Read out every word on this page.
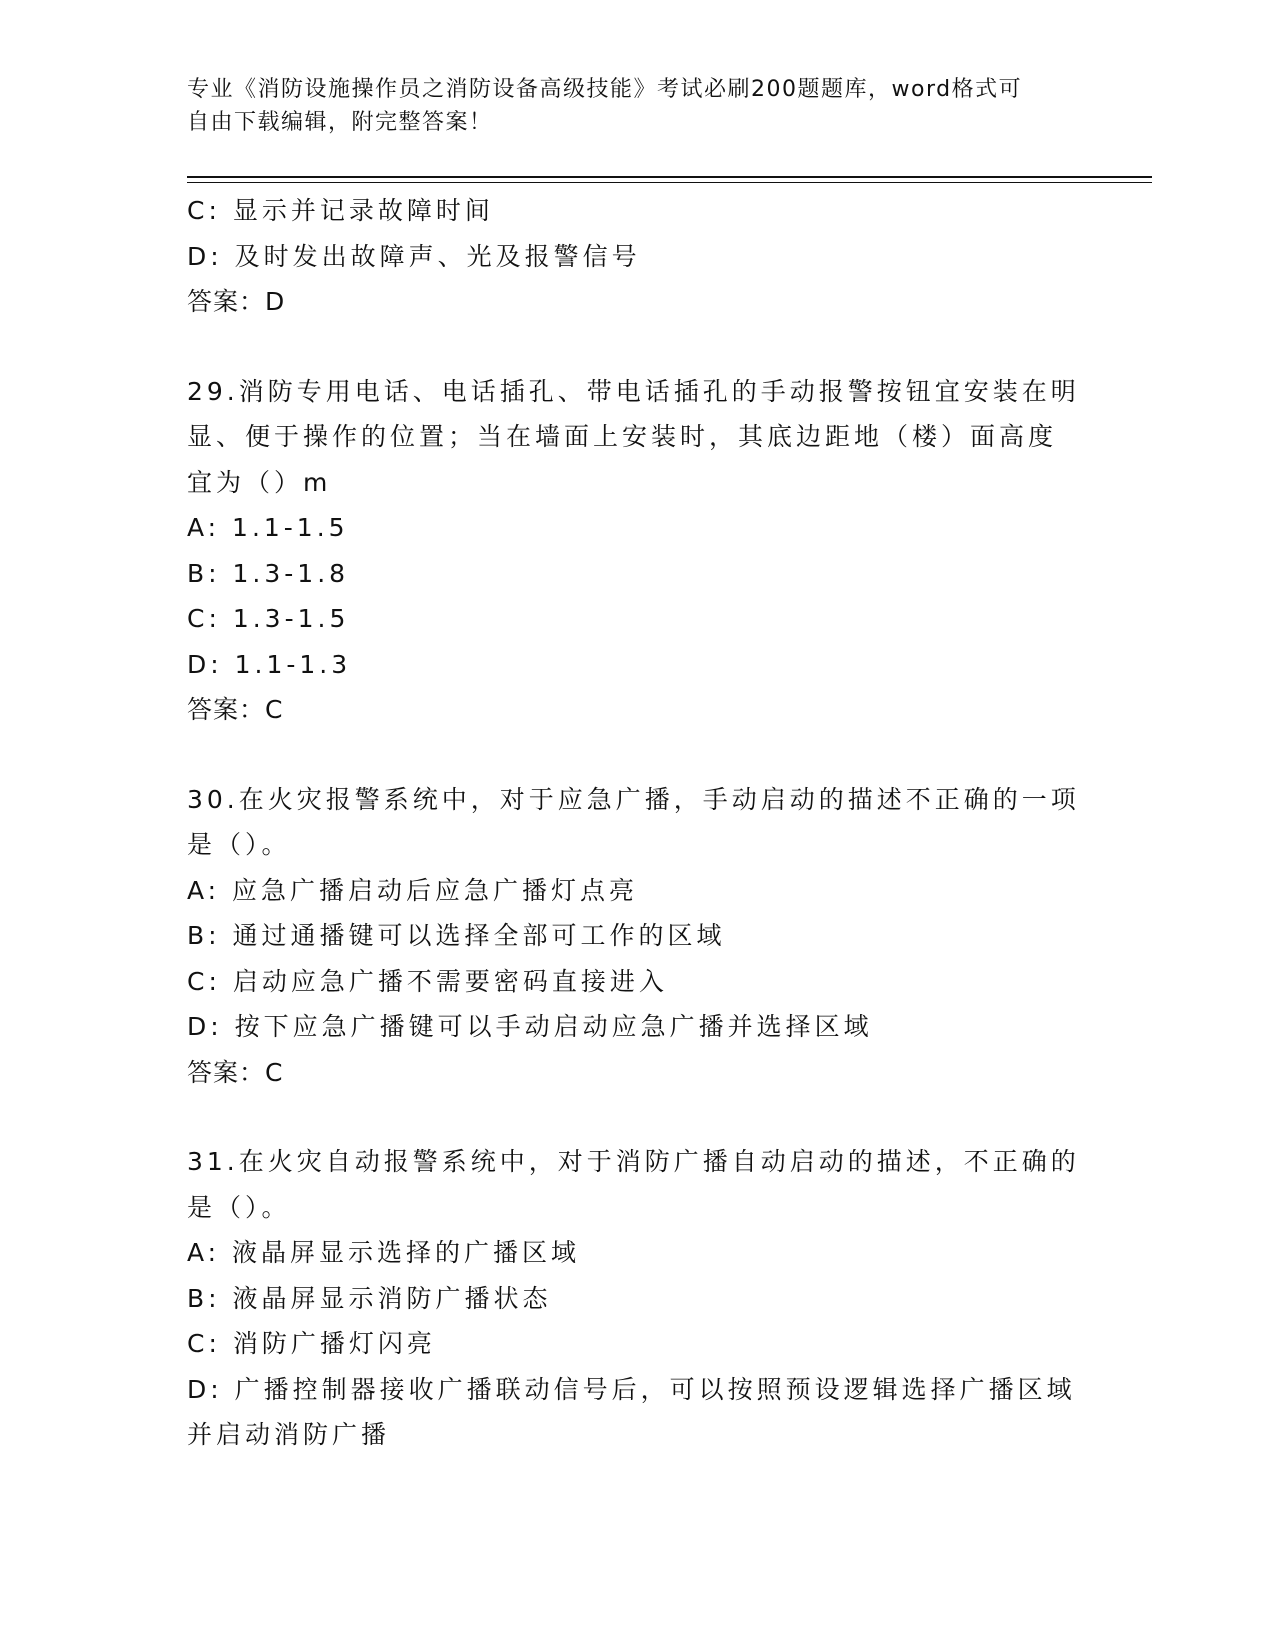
专业《消防设施操作员之消防设备高级技能》考试必刷200题题库，word格式可
自由下载编辑，附完整答案！
C: 显示并记录故障时间
D: 及时发出故障声、光及报警信号
答案：D
29.消防专用电话、电话插孔、带电话插孔的手动报警按钮宜安装在明
显、便于操作的位置；当在墙面上安装时，其底边距地（楼）面高度
宜为（）m
A: 1.1-1.5
B: 1.3-1.8
C: 1.3-1.5
D: 1.1-1.3
答案：C
30.在火灾报警系统中，对于应急广播，手动启动的描述不正确的一项
是（）。
A: 应急广播启动后应急广播灯点亮
B: 通过通播键可以选择全部可工作的区域
C: 启动应急广播不需要密码直接进入
D: 按下应急广播键可以手动启动应急广播并选择区域
答案：C
31.在火灾自动报警系统中，对于消防广播自动启动的描述，不正确的
是（）。
A: 液晶屏显示选择的广播区域
B: 液晶屏显示消防广播状态
C: 消防广播灯闪亮
D: 广播控制器接收广播联动信号后，可以按照预设逻辑选择广播区域
并启动消防广播
